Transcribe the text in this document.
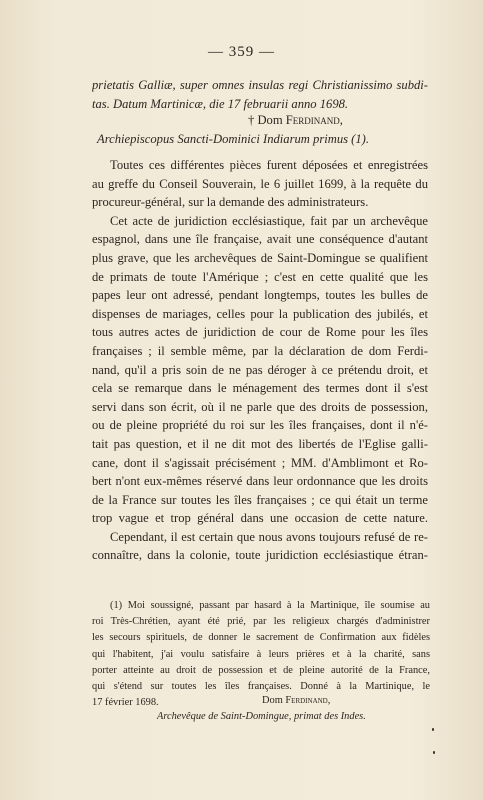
— 359 —
prietatis Galliæ, super omnes insulas regi Christianissimo subdi-
tas. Datum Martinicæ, die 17 februarii anno 1698.
† Dom Ferdinand,
Archiepiscopus Sancti-Dominici Indiarum primus (1).
Toutes ces différentes pièces furent déposées et enregistrées
au greffe du Conseil Souverain, le 6 juillet 1699, à la requête du
procureur-général, sur la demande des administrateurs.
Cet acte de juridiction ecclésiastique, fait par un archevêque
espagnol, dans une île française, avait une conséquence d'autant
plus grave, que les archevêques de Saint-Domingue se qualifient
de primats de toute l'Amérique ; c'est en cette qualité que les
papes leur ont adressé, pendant longtemps, toutes les bulles de
dispenses de mariages, celles pour la publication des jubilés, et
tous autres actes de juridiction de cour de Rome pour les îles
françaises ; il semble même, par la déclaration de dom Ferdi-
nand, qu'il a pris soin de ne pas déroger à ce prétendu droit, et
cela se remarque dans le ménagement des termes dont il s'est
servi dans son écrit, où il ne parle que des droits de possession,
ou de pleine propriété du roi sur les îles françaises, dont il n'é-
tait pas question, et il ne dit mot des libertés de l'Eglise galli-
cane, dont il s'agissait précisément ; MM. d'Amblimont et Ro-
bert n'ont eux-mêmes réservé dans leur ordonnance que les droits
de la France sur toutes les îles françaises ; ce qui était un terme
trop vague et trop général dans une occasion de cette nature.
Cependant, il est certain que nous avons toujours refusé de re-
connaître, dans la colonie, toute juridiction ecclésiastique étran-
(1) Moi soussigné, passant par hasard à la Martinique, île soumise au
roi Très-Chrétien, ayant été prié, par les religieux chargés d'administrer
les secours spirituels, de donner le sacrement de Confirmation aux fidèles
qui l'habitent, j'ai voulu satisfaire à leurs prières et à la charité, sans
porter atteinte au droit de possession et de pleine autorité de la France,
qui s'étend sur toutes les îles françaises. Donné à la Martinique, le
17 février 1698.	Dom Ferdinand,
Archevêque de Saint-Domingue, primat des Indes.
